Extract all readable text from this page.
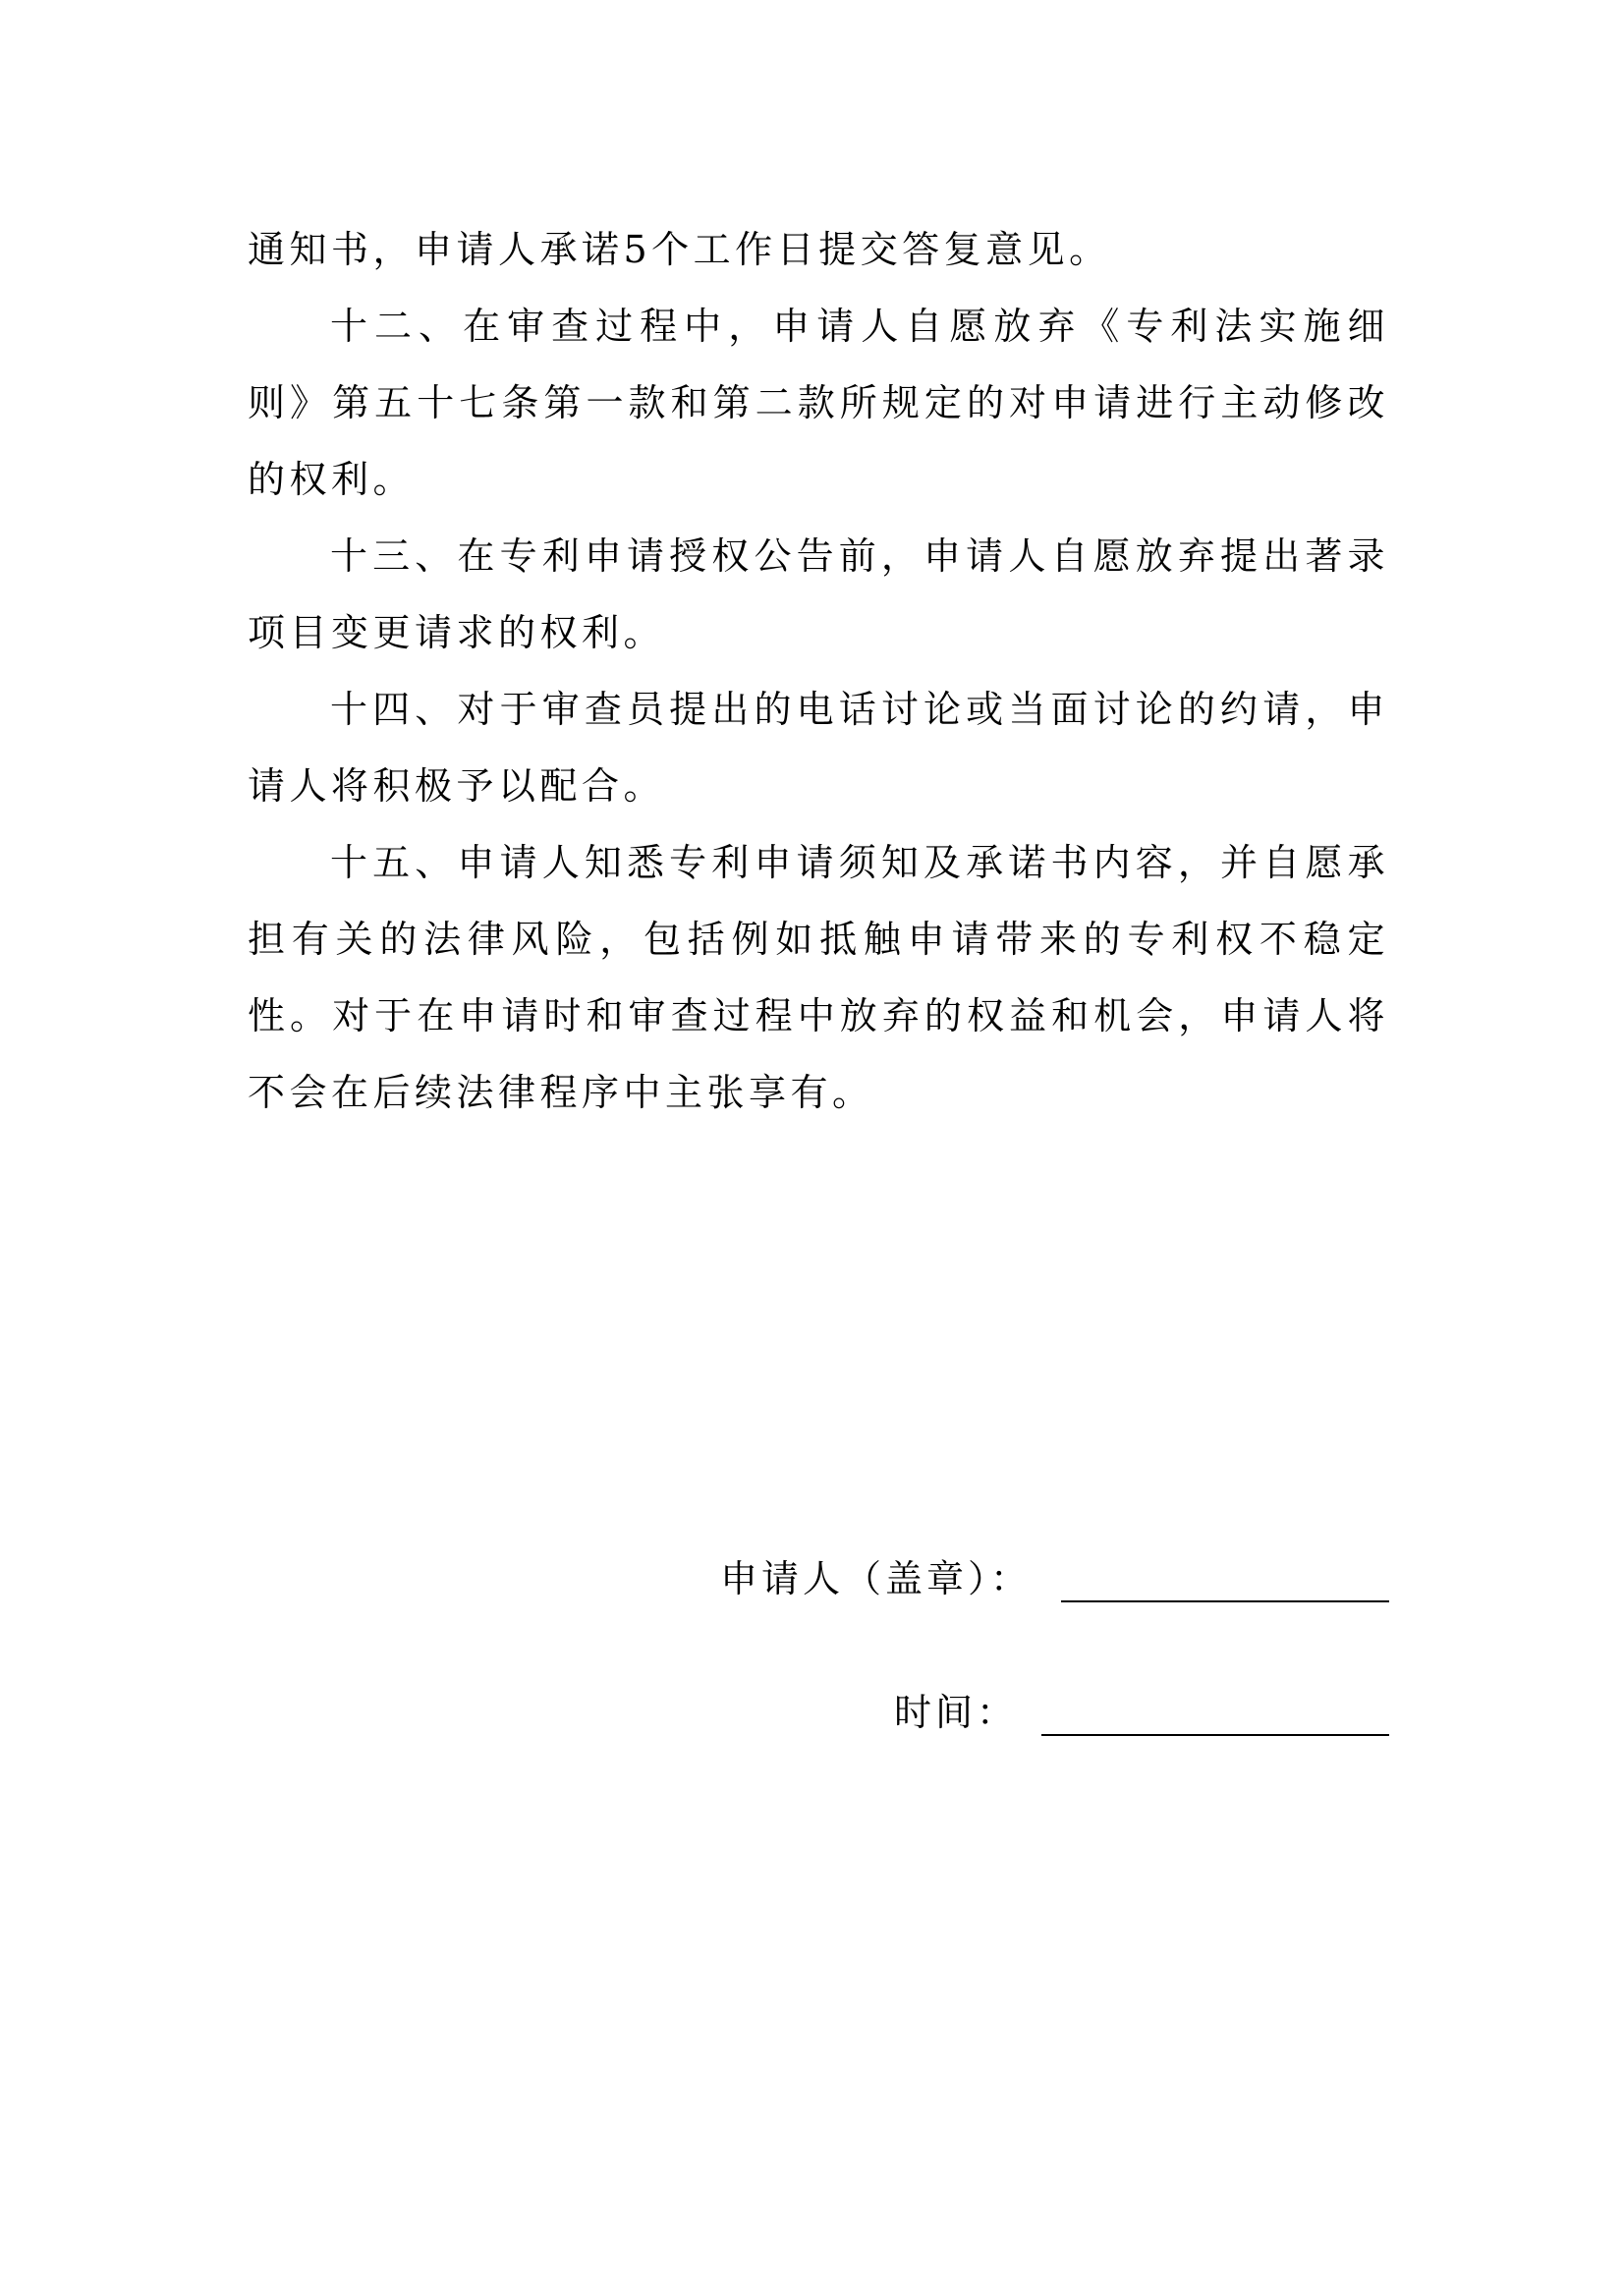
通知书，申请人承诺5个工作日提交答复意见。

十二、在审查过程中，申请人自愿放弃《专利法实施细则》第五十七条第一款和第二款所规定的对申请进行主动修改的权利。

十三、在专利申请授权公告前，申请人自愿放弃提出著录项目变更请求的权利。

十四、对于审查员提出的电话讨论或当面讨论的约请，申请人将积极予以配合。

十五、申请人知悉专利申请须知及承诺书内容，并自愿承担有关的法律风险，包括例如抵触申请带来的专利权不稳定性。对于在申请时和审查过程中放弃的权益和机会，申请人将不会在后续法律程序中主张享有。

申请人（盖章）：
时间：
